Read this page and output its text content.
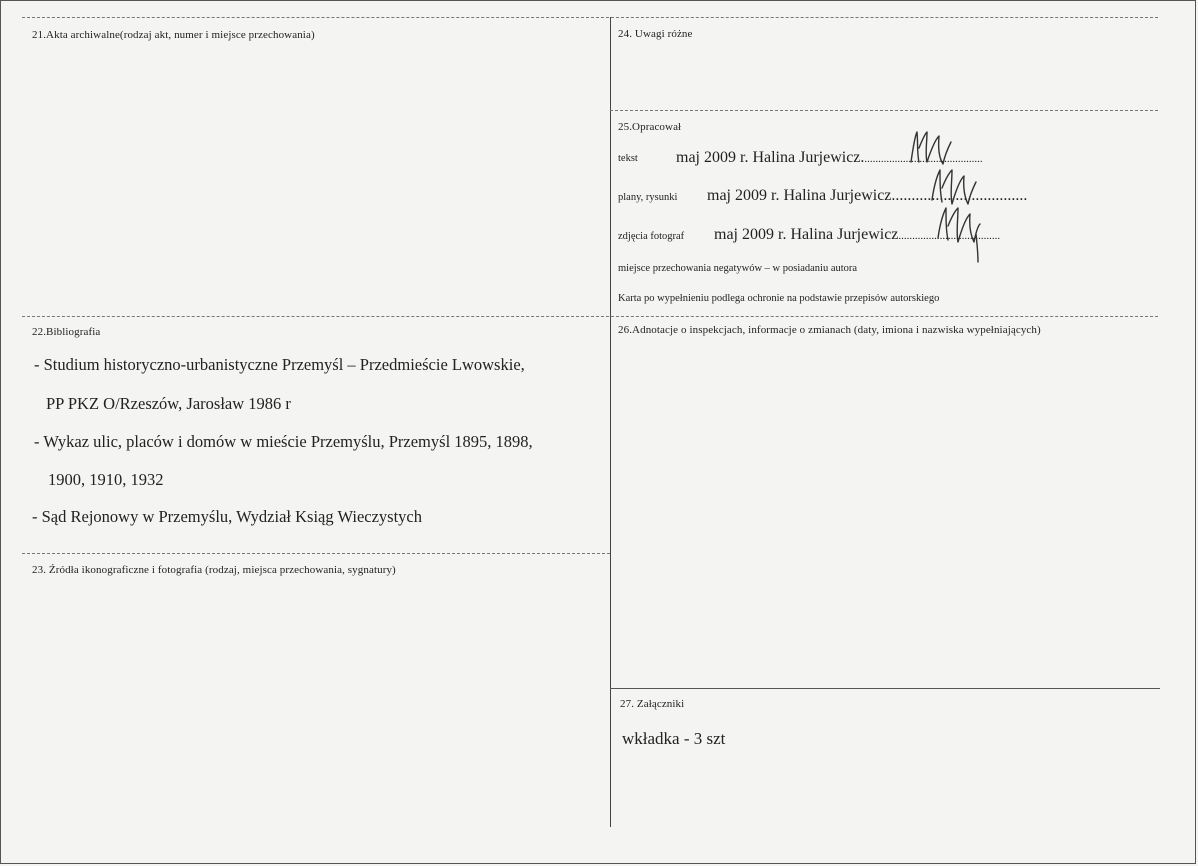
21.Akta archiwalne(rodzaj akt, numer i miejsce przechowania)	24. Uwagi różne
25.Opracował
tekst maj 2009 r. Halina Jurjewicz............................................
plany, rysunki maj 2009 r. Halina Jurjewicz..................................
zdjęcia fotograf maj 2009 r. Halina Jurjewicz.....................................
miejsce przechowania negatywów – w posiadaniu autora
Karta po wypełnieniu podlega ochronie na podstawie przepisów autorskiego
22.Bibliografia
- Studium historyczno-urbanistyczne Przemyśl – Przedmieście Lwowskie,
PP PKZ O/Rzeszów, Jarosław 1986 r
- Wykaz ulic, placów i domów w mieście Przemyślu, Przemyśl 1895, 1898,
1900, 1910, 1932
- Sąd Rejonowy w Przemyślu, Wydział Ksiąg Wieczystych
26.Adnotacje o inspekcjach, informacje o zmianach (daty, imiona i nazwiska wypełniających)
23. Źródła ikonograficzne i fotografia (rodzaj, miejsca przechowania, sygnatury)
27. Załączniki
wkładka - 3 szt
